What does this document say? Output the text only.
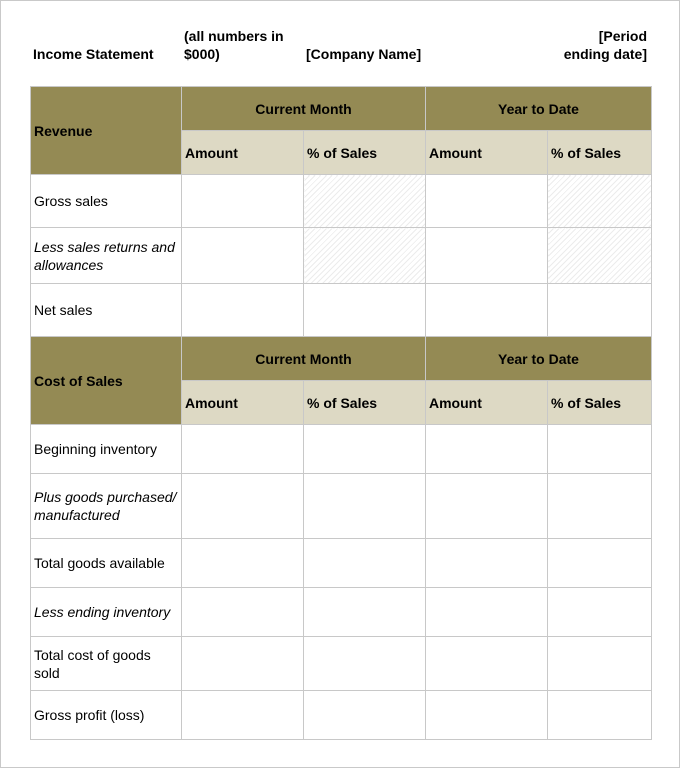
Income Statement
(all numbers in
$000)	[Company Name]
[Period
ending date]
Revenue	Current Month		Year to Date	
	Amount	% of Sales	Amount	% of Sales
Gross sales				
Less sales returns and allowances				
Net sales				
Cost of Sales	Current Month		Year to Date	
	Amount	% of Sales	Amount	% of Sales
Beginning inventory				
Plus goods purchased/manufactured				
Total goods available				
Less ending inventory				
Total cost of goods sold				
Gross profit (loss)				
